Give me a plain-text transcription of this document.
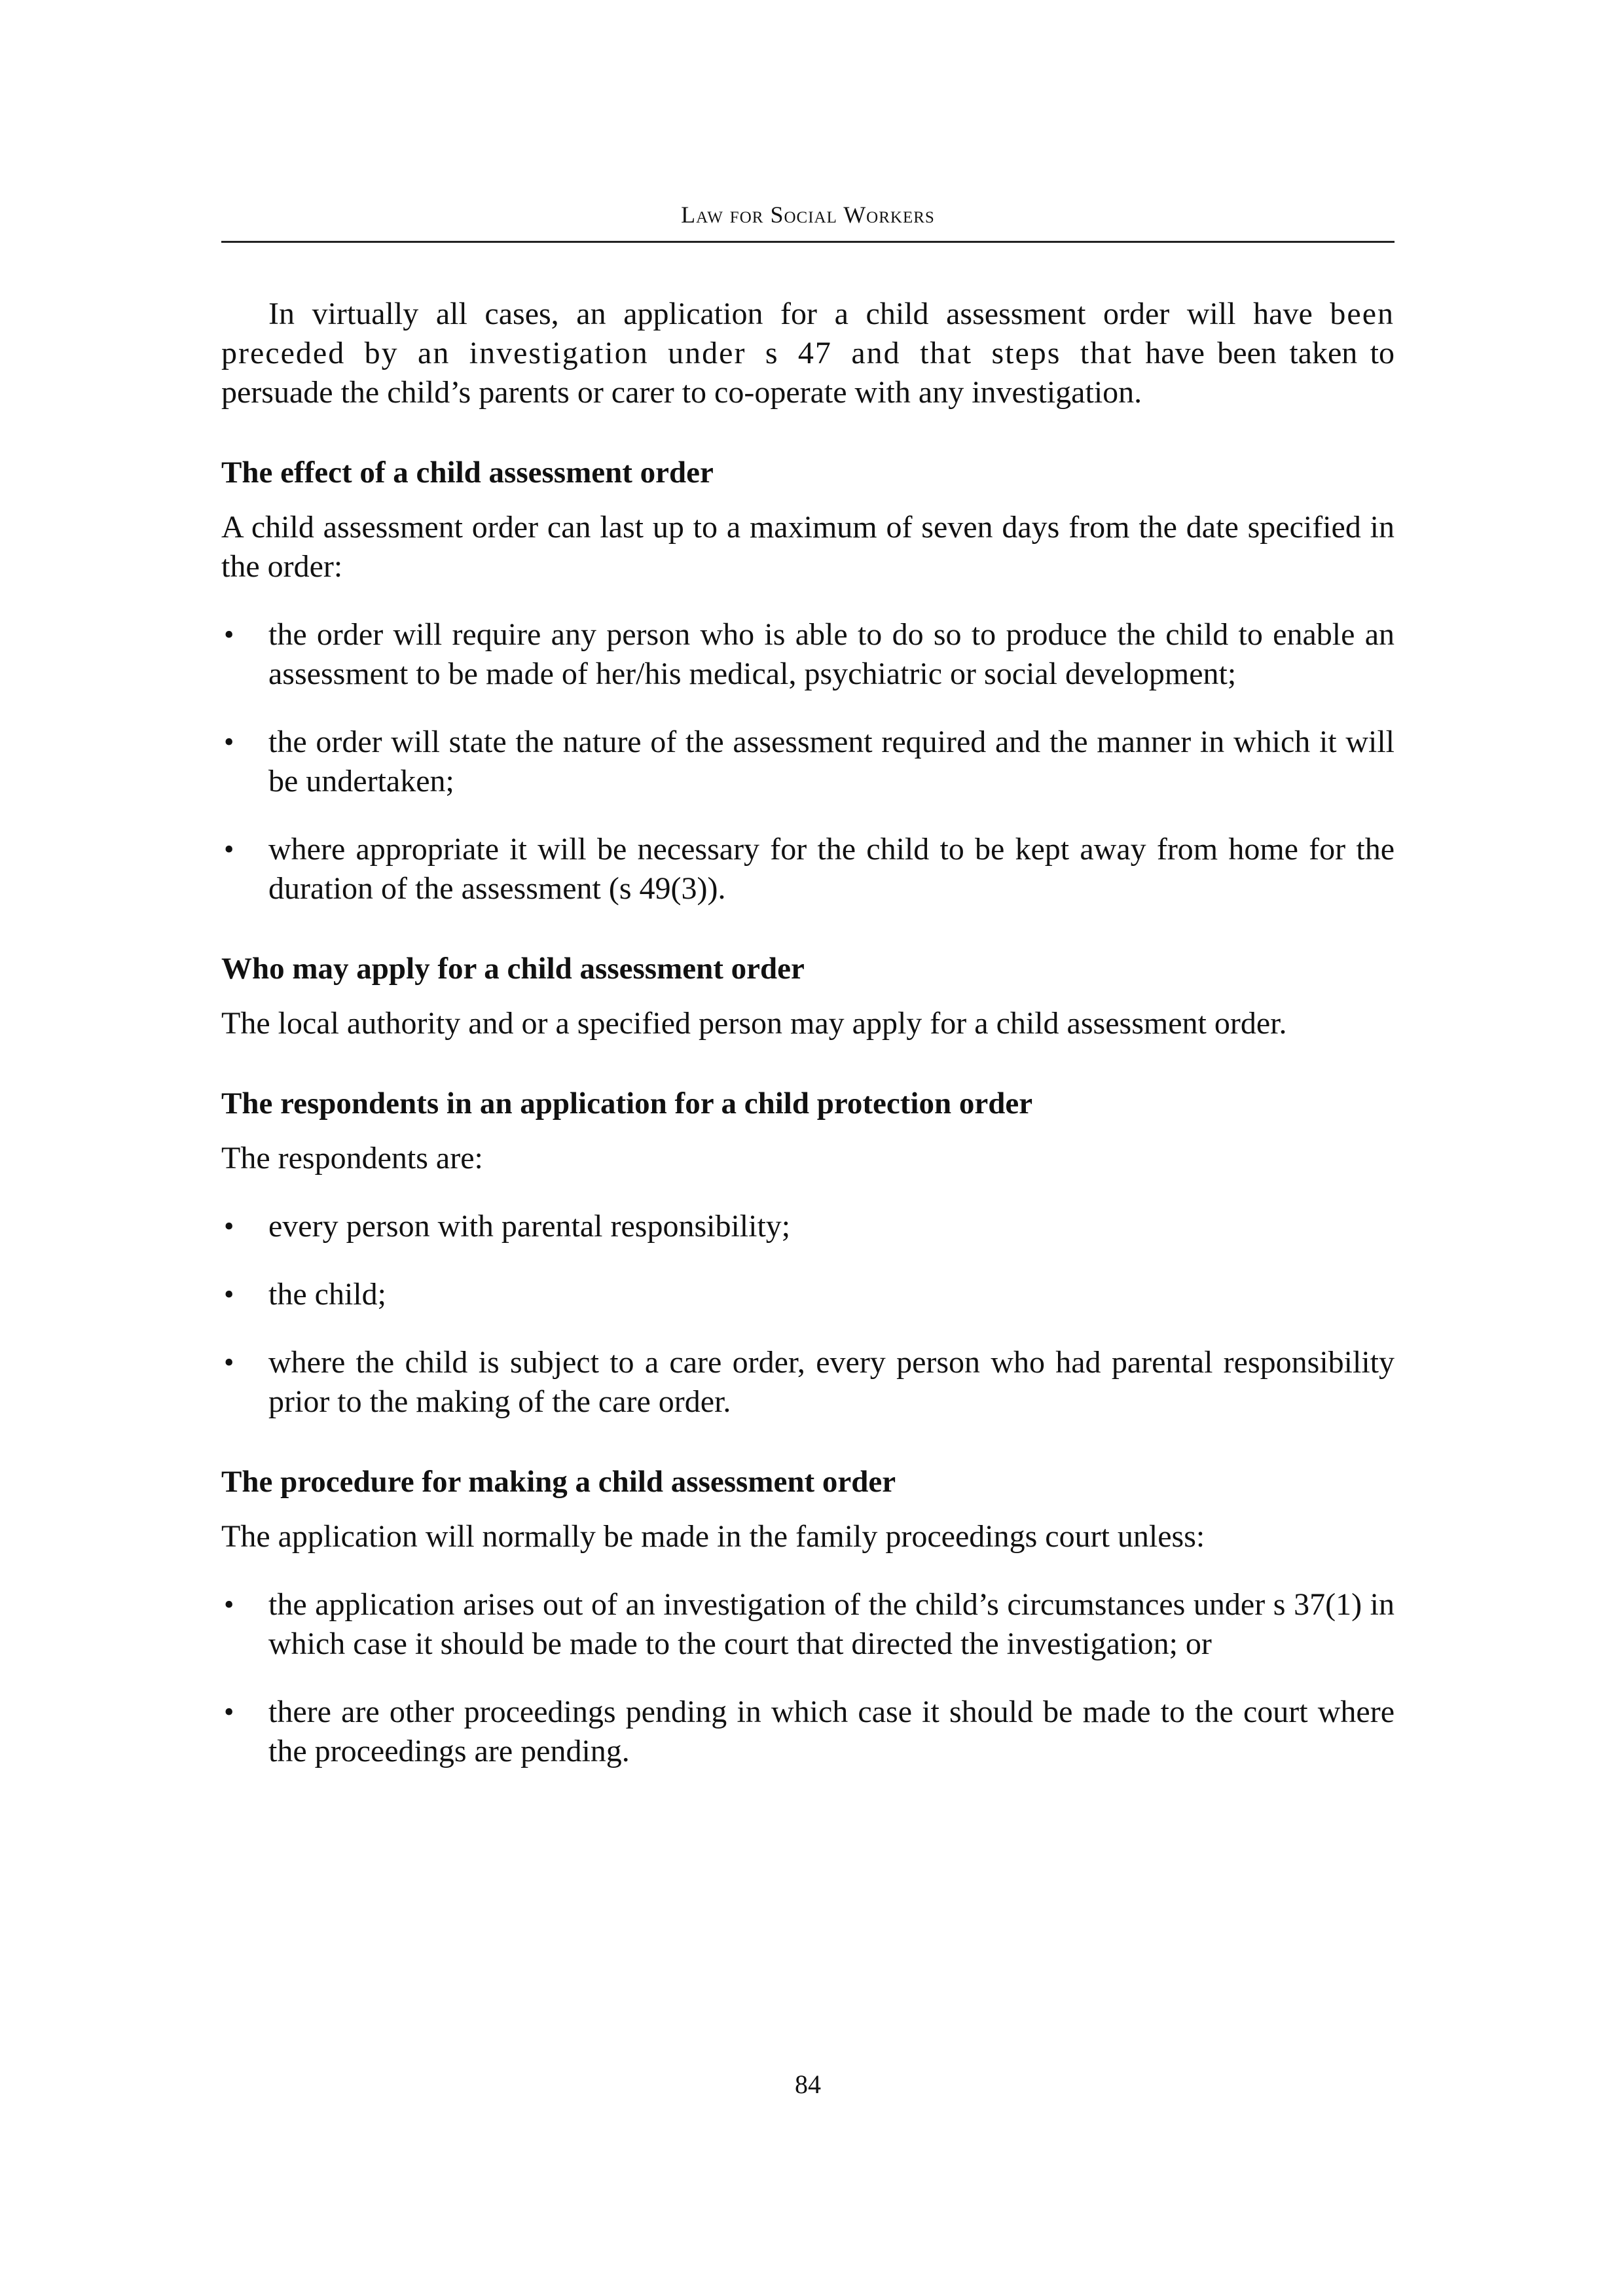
Law for Social Workers

In virtually all cases, an application for a child assessment order will have been preceded by an investigation under s 47 and that steps that have been taken to persuade the child’s parents or carer to co-operate with any investigation.

The effect of a child assessment order

A child assessment order can last up to a maximum of seven days from the date specified in the order:

• the order will require any person who is able to do so to produce the child to enable an assessment to be made of her/his medical, psychiatric or social development;
• the order will state the nature of the assessment required and the manner in which it will be undertaken;
• where appropriate it will be necessary for the child to be kept away from home for the duration of the assessment (s 49(3)).
Who may apply for a child assessment order

The local authority and or a specified person may apply for a child assessment order.

The respondents in an application for a child protection order

The respondents are:

• every person with parental responsibility;
• the child;
• where the child is subject to a care order, every person who had parental responsibility prior to the making of the care order.
The procedure for making a child assessment order

The application will normally be made in the family proceedings court unless:

• the application arises out of an investigation of the child’s circumstances under s 37(1) in which case it should be made to the court that directed the investigation; or
• there are other proceedings pending in which case it should be made to the court where the proceedings are pending.
84
